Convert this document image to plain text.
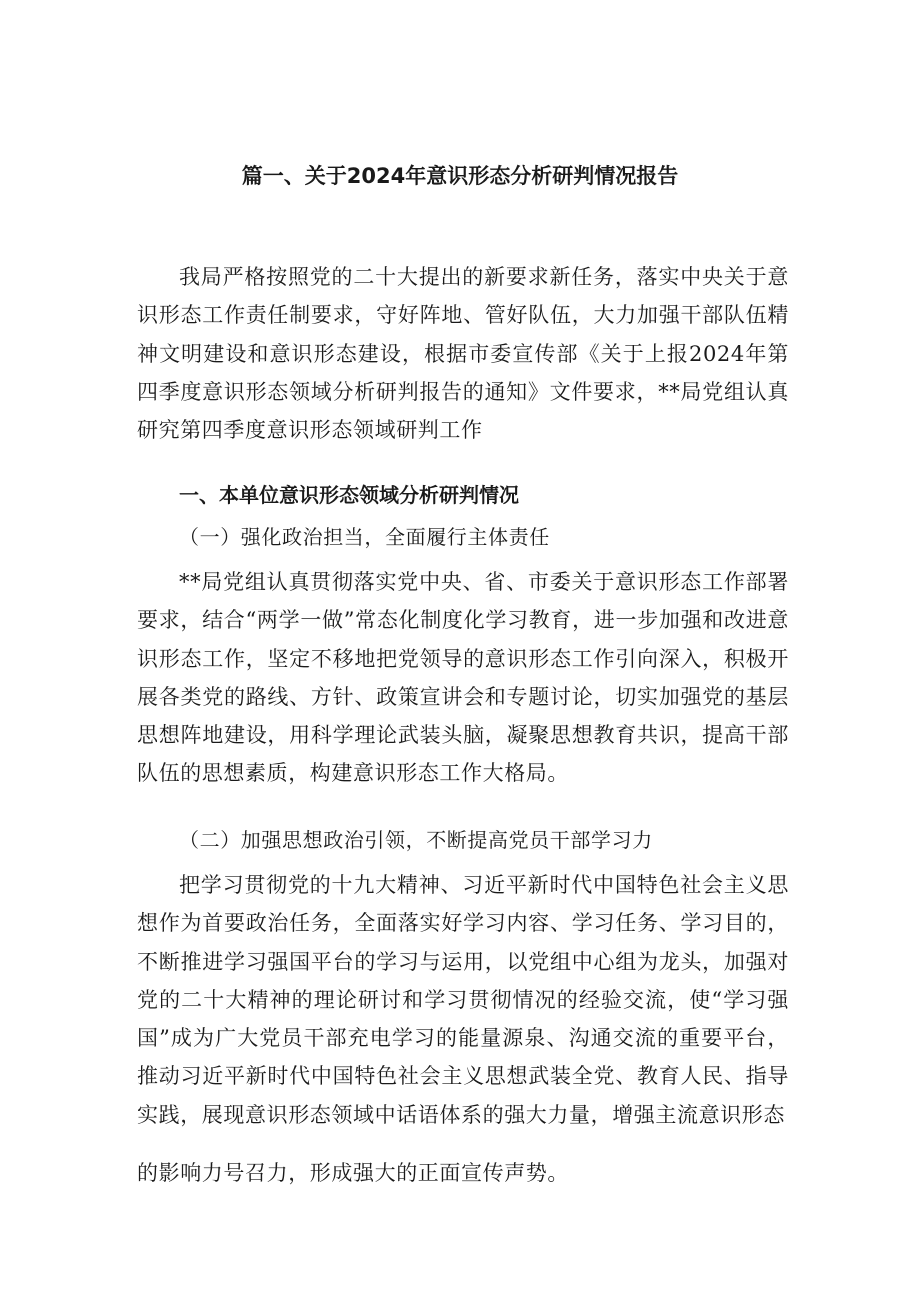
篇一、关于2024年意识形态分析研判情况报告

我局严格按照党的二十大提出的新要求新任务，落实中央关于意识形态工作责任制要求，守好阵地、管好队伍，大力加强干部队伍精神文明建设和意识形态建设，根据市委宣传部《关于上报2024年第四季度意识形态领域分析研判报告的通知》文件要求，**局党组认真研究第四季度意识形态领域研判工作

一、本单位意识形态领域分析研判情况
（一）强化政治担当，全面履行主体责任

**局党组认真贯彻落实党中央、省、市委关于意识形态工作部署要求，结合“两学一做”常态化制度化学习教育，进一步加强和改进意识形态工作，坚定不移地把党领导的意识形态工作引向深入，积极开展各类党的路线、方针、政策宣讲会和专题讨论，切实加强党的基层思想阵地建设，用科学理论武装头脑，凝聚思想教育共识，提高干部队伍的思想素质，构建意识形态工作大格局。

（二）加强思想政治引领，不断提高党员干部学习力

把学习贯彻党的十九大精神、习近平新时代中国特色社会主义思想作为首要政治任务，全面落实好学习内容、学习任务、学习目的，不断推进学习强国平台的学习与运用，以党组中心组为龙头，加强对党的二十大精神的理论研讨和学习贯彻情况的经验交流，使“学习强国”成为广大党员干部充电学习的能量源泉、沟通交流的重要平台，推动习近平新时代中国特色社会主义思想武装全党、教育人民、指导实践，展现意识形态领域中话语体系的强大力量，增强主流意识形态

的影响力号召力，形成强大的正面宣传声势。
